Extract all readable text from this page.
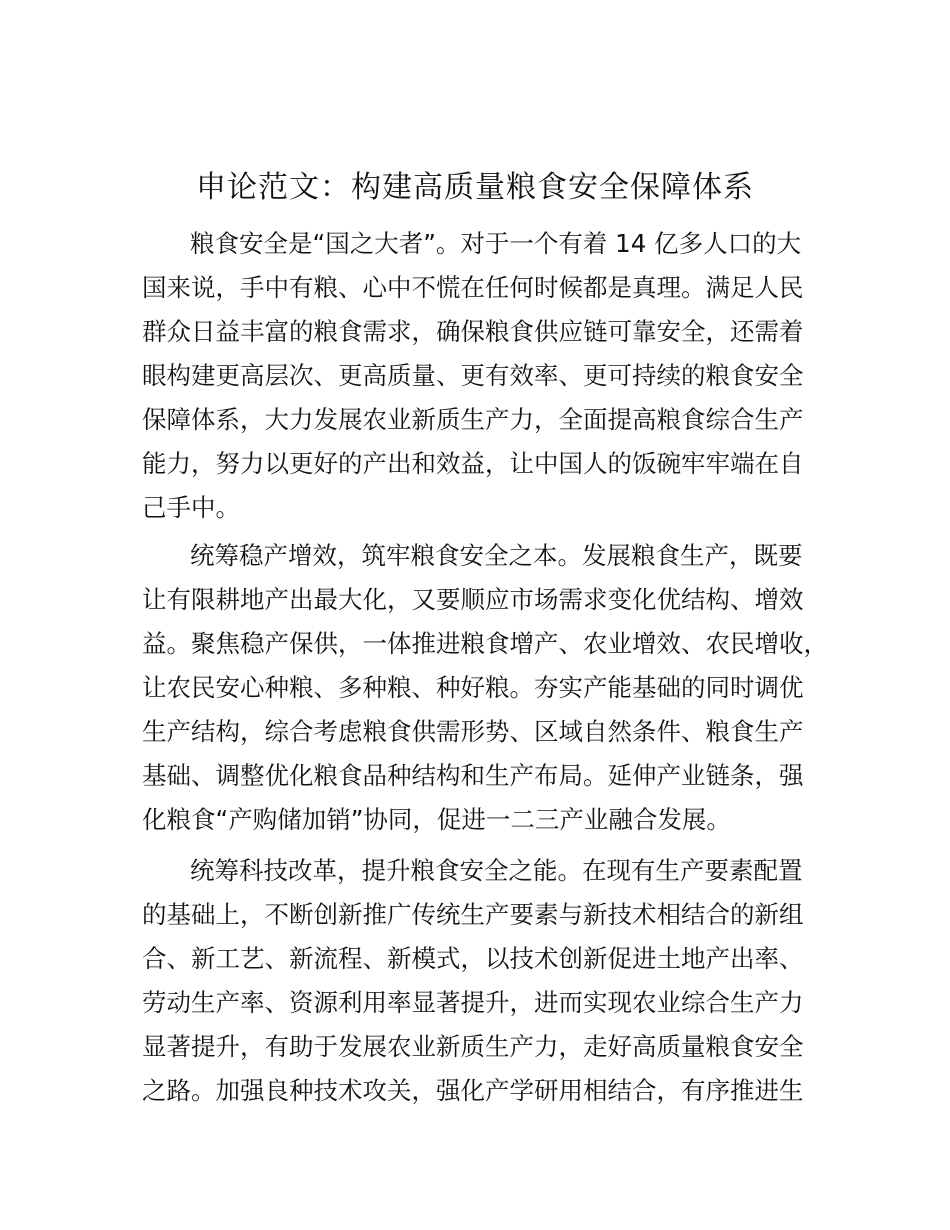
申论范文：构建高质量粮食安全保障体系

粮食安全是“国之大者”。对于一个有着 14 亿多人口的大

国来说，手中有粮、心中不慌在任何时候都是真理。满足人民

群众日益丰富的粮食需求，确保粮食供应链可靠安全，还需着

眼构建更高层次、更高质量、更有效率、更可持续的粮食安全

保障体系，大力发展农业新质生产力，全面提高粮食综合生产

能力，努力以更好的产出和效益，让中国人的饭碗牢牢端在自

己手中。

统筹稳产增效，筑牢粮食安全之本。发展粮食生产，既要

让有限耕地产出最大化，又要顺应市场需求变化优结构、增效

益。聚焦稳产保供，一体推进粮食增产、农业增效、农民增收，

让农民安心种粮、多种粮、种好粮。夯实产能基础的同时调优

生产结构，综合考虑粮食供需形势、区域自然条件、粮食生产

基础、调整优化粮食品种结构和生产布局。延伸产业链条，强

化粮食“产购储加销”协同，促进一二三产业融合发展。

统筹科技改革，提升粮食安全之能。在现有生产要素配置

的基础上，不断创新推广传统生产要素与新技术相结合的新组

合、新工艺、新流程、新模式，以技术创新促进土地产出率、

劳动生产率、资源利用率显著提升，进而实现农业综合生产力

显著提升，有助于发展农业新质生产力，走好高质量粮食安全

之路。加强良种技术攻关，强化产学研用相结合，有序推进生
